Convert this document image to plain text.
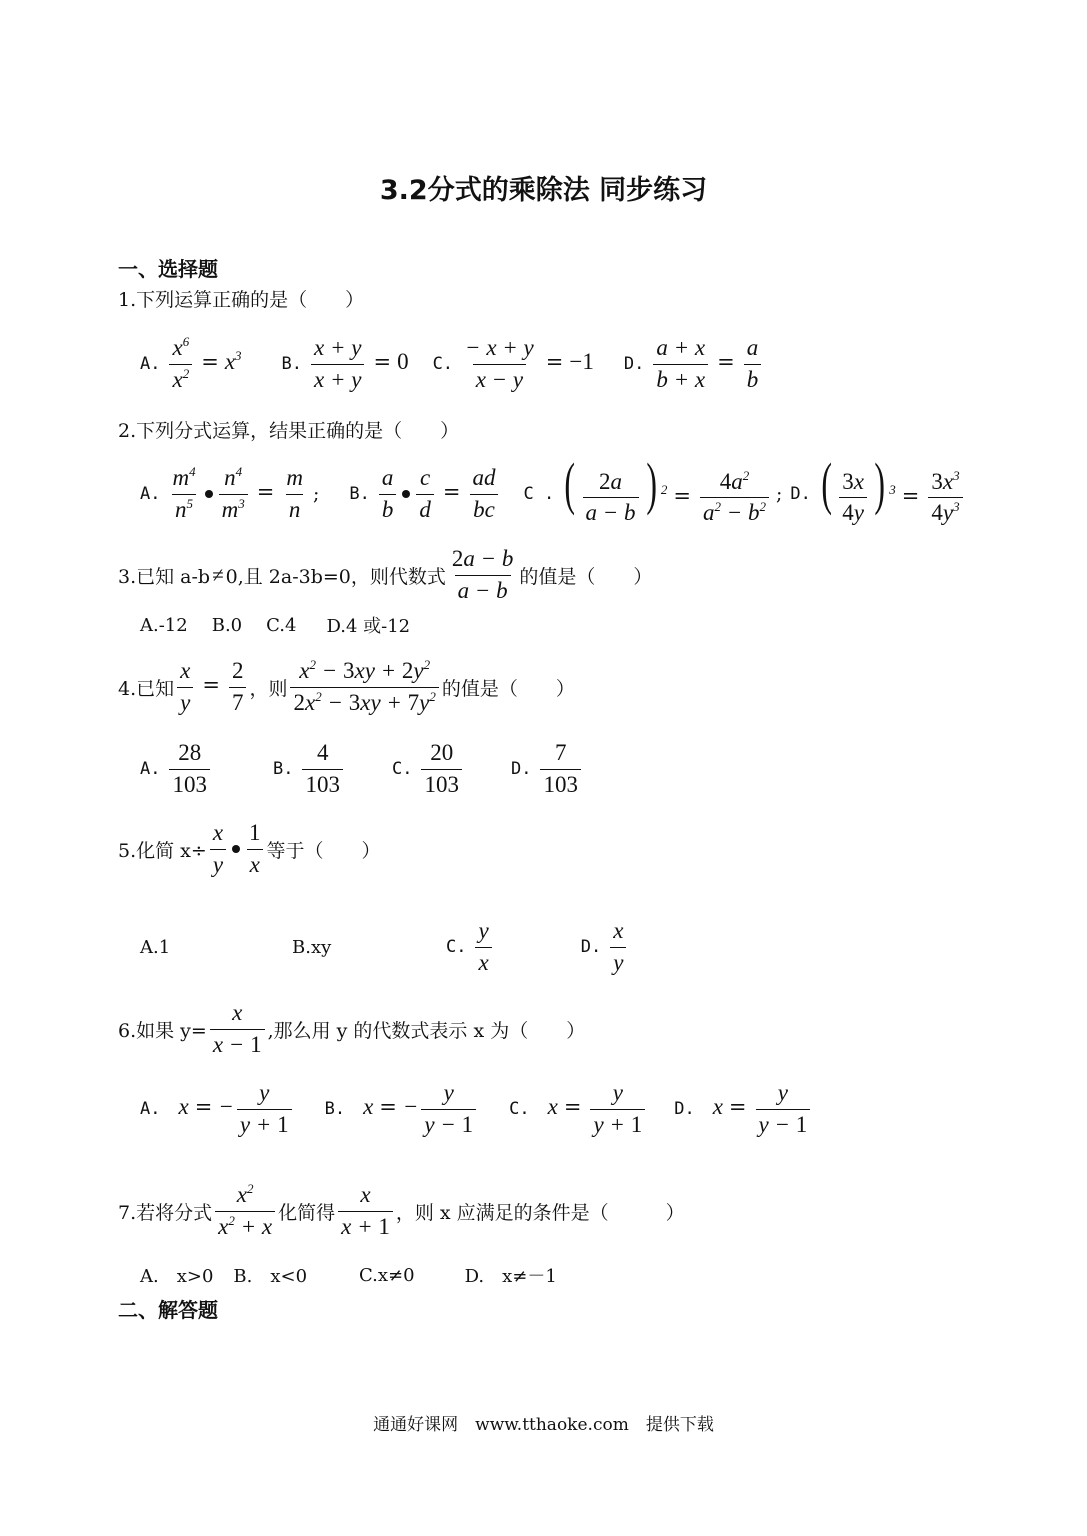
3.2分式的乘除法 同步练习
一、选择题
1.下列运算正确的是（　　）
A. $\frac{x^6}{x^2} = x^3$ B. $\frac{x + y}{x + y} = 0$ C. $\frac{- x + y}{x - y} = -1$ D. $\frac{a + x}{b + x} = \frac{a}{b}$
2.下列分式运算，结果正确的是（　　）
A. $\frac{m^4}{n^5} \frac{n^4}{m^3} = \frac{m}{n}$ ; B. $\frac{a}{b} \frac{c}{d} = \frac{ad}{bc}$ C . ( $\frac{2a}{a - b}$ ) $^2 = \frac{4a^2}{a^2 - b^2}$ ; D. ( $\frac{3x}{4y}$ ) $^3 = \frac{3x^3}{4y^3}$
3.已知 a-b ≠ 0,且 2a-3b=0，则代数式 $\frac{2a - b}{a - b}$ 的值是（　　）
A.-12 B.0 C.4 D.4 或-12
4.已知 $\frac{x}{y} = \frac{2}{7}$ ，则 $\frac{x^2 - 3xy + 2y^2}{2x^2 - 3xy + 7y^2}$ 的值是（　　）
A. $\frac{28}{103}$	B. $\frac{4}{103}$	C. $\frac{20}{103}$	D. $\frac{7}{103}$
5.化简 $x\div \frac{x}{y} \frac{1}{x}$ 等于（　　）
A.1	B.xy	C. $\frac{y}{x}$	D. $\frac{x}{y}$
6.如果 $y= \frac{x}{x - 1}$ ,那么用 y 的代数式表示 x 为（　　）
A. x = − $\frac{y}{y + 1} B$. x = − $\frac{y}{y - 1} C$. $x = \frac{y}{y + 1} D$. $x = \frac{y}{y - 1}$
7.若将分式 $\frac{x^2}{x^2 + x}$ 化简得 $\frac{x}{x + 1}$ ，则 x 应满足的条件是（　　　）
A.　x>0 B.　x<0	C.x≠0	D.　x≠－1
二、解答题
通通好课网　www.tthaoke.com　提供下载
